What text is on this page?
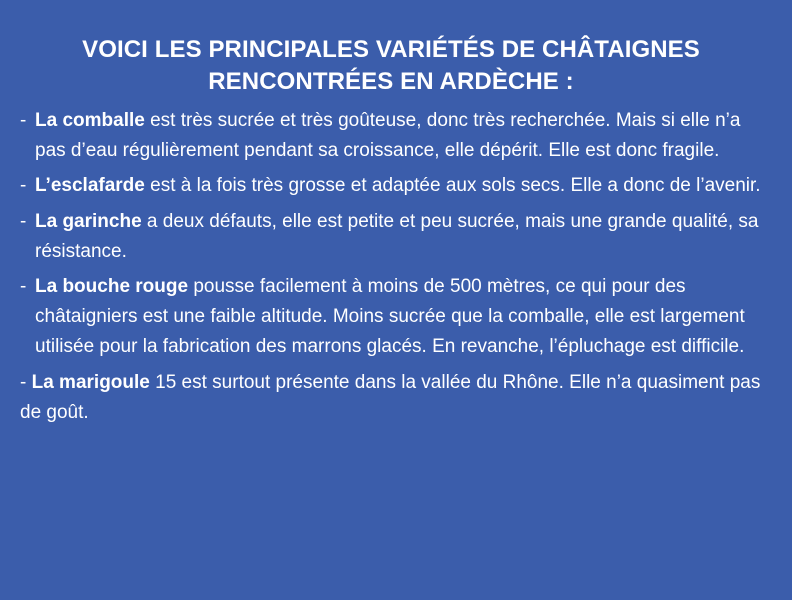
VOICI LES PRINCIPALES VARIÉTÉS DE CHÂTAIGNES
RENCONTRÉES EN ARDÈCHE :
- La comballe est très sucrée et très goûteuse, donc très recherchée. Mais si elle n’a pas d’eau régulièrement pendant sa croissance, elle dépérit. Elle est donc fragile.
- L’esclafarde est à la fois très grosse et adaptée aux sols secs. Elle a donc de l’avenir.
- La garinche a deux défauts, elle est petite et peu sucrée, mais une grande qualité, sa résistance.
- La bouche rouge pousse facilement à moins de 500 mètres, ce qui pour des châtaigniers est une faible altitude. Moins sucrée que la comballe, elle est largement utilisée pour la fabrication des marrons glacés. En revanche, l’épluchage est difficile.
- La marigoule 15 est surtout présente dans la vallée du Rhône. Elle n’a quasiment pas de goût.
